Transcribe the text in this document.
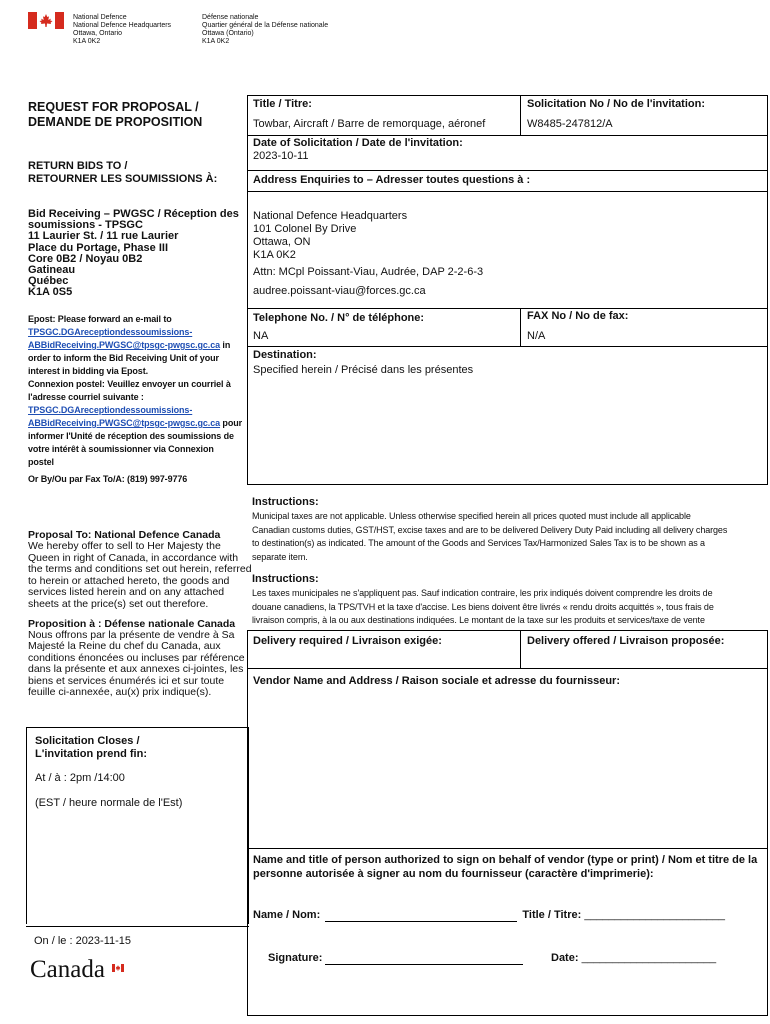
National Defence
National Defence Headquarters
Ottawa, Ontario
K1A 0K2
Défense nationale
Quartier général de la Défense nationale
Ottawa (Ontario)
K1A 0K2
REQUEST FOR PROPOSAL /
DEMANDE DE PROPOSITION
RETURN BIDS TO /
RETOURNER LES SOUMISSIONS À:
Bid Receiving – PWGSC / Réception des
soumissions - TPSGC
11 Laurier St. / 11 rue Laurier
Place du Portage, Phase III
Core 0B2 / Noyau 0B2
Gatineau
Québec
K1A 0S5
Epost: Please forward an e-mail to
TPSGC.DGAreceptiondessoumissions-
ABBidReceiving.PWGSC@tpsgc-pwgsc.gc.ca in
order to inform the Bid Receiving Unit of your
interest in bidding via Epost.
Connexion postel: Veuillez envoyer un courriel à
l'adresse courriel suivante :
TPSGC.DGAreceptiondessoumissions-
ABBidReceiving.PWGSC@tpsgc-pwgsc.gc.ca pour
informer l'Unité de réception des soumissions de
votre intérêt à soumissionner via Connexion
postel
Or By/Ou par Fax To/A: (819) 997-9776
Proposal To: National Defence Canada
We hereby offer to sell to Her Majesty the
Queen in right of Canada, in accordance with
the terms and conditions set out herein, referred
to herein or attached hereto, the goods and
services listed herein and on any attached
sheets at the price(s) set out therefore.
Proposition à : Défense nationale Canada
Nous offrons par la présente de vendre à Sa
Majesté la Reine du chef du Canada, aux
conditions énoncées ou incluses par référence
dans la présente et aux annexes ci-jointes, les
biens et services énumérés ici et sur toute
feuille ci-annexée, au(x) prix indique(s).
Solicitation Closes /
L'invitation prend fin:
At / à : 2pm /14:00
(EST / heure normale de l'Est)
On / le : 2023-11-15
Canada
Title / Titre:
Towbar, Aircraft / Barre de remorquage, aéronef
Solicitation No / No de l'invitation:
W8485-247812/A
Date of Solicitation / Date de l'invitation:
2023-10-11
Address Enquiries to – Adresser toutes questions à :
National Defence Headquarters
101 Colonel By Drive
Ottawa, ON
K1A 0K2
Attn: MCpl Poissant-Viau, Audrée, DAP 2-2-6-3
audree.poissant-viau@forces.gc.ca
Telephone No. / N° de téléphone:
NA
FAX No / No de fax:
N/A
Destination:
Specified herein / Précisé dans les présentes
Instructions:
Municipal taxes are not applicable. Unless otherwise specified herein all prices quoted must include all applicable
Canadian customs duties, GST/HST, excise taxes and are to be delivered Delivery Duty Paid including all delivery charges
to destination(s) as indicated. The amount of the Goods and Services Tax/Harmonized Sales Tax is to be shown as a
separate item.
Instructions:
Les taxes municipales ne s'appliquent pas. Sauf indication contraire, les prix indiqués doivent comprendre les droits de
douane canadiens, la TPS/TVH et la taxe d'accise. Les biens doivent être livrés « rendu droits acquittés », tous frais de
livraison compris, à la ou aux destinations indiquées. Le montant de la taxe sur les produits et services/taxe de vente
Delivery required / Livraison exigée:	Delivery offered / Livraison proposée:
Vendor Name and Address / Raison sociale et adresse du fournisseur:
Name and title of person authorized to sign on behalf of vendor (type or print) / Nom et titre de la
personne autorisée à signer au nom du fournisseur (caractère d'imprimerie):
Name / Nom:	Title / Titre: _______________________
Signature:	Date: ______________________
